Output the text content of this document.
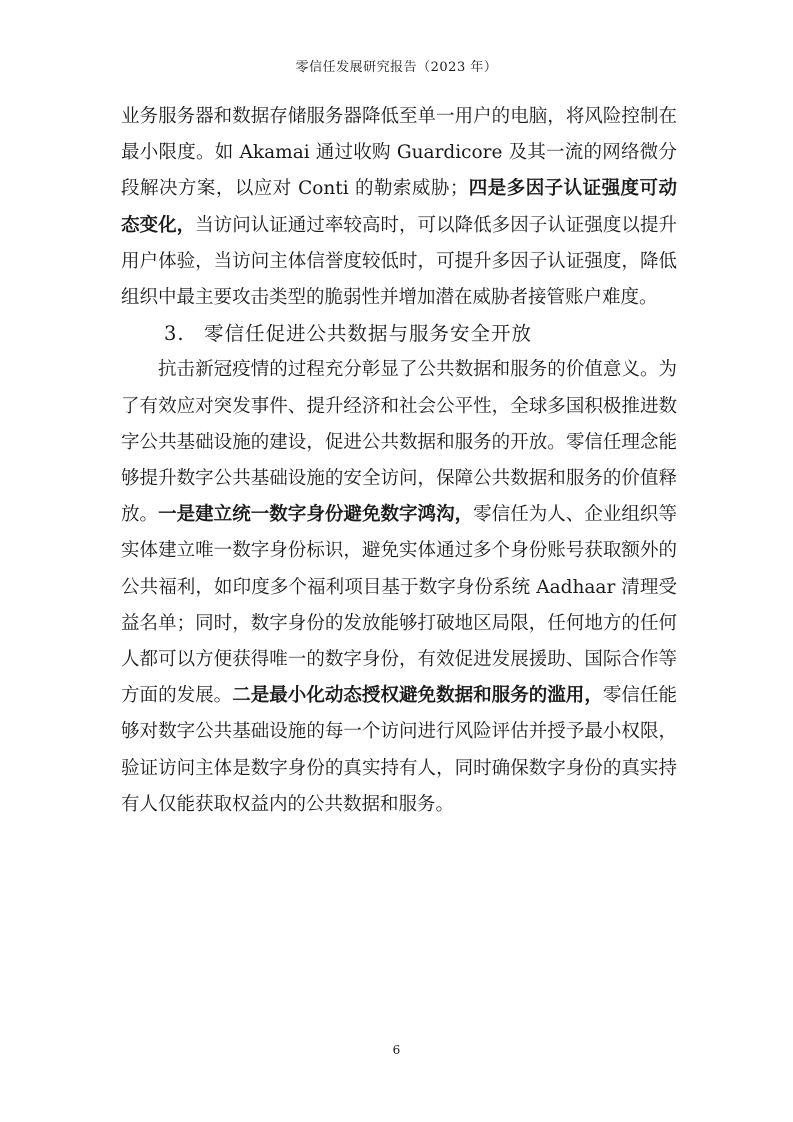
零信任发展研究报告（2023 年）

业务服务器和数据存储服务器降低至单一用户的电脑，将风险控制在最小限度。如 Akamai 通过收购 Guardicore 及其一流的网络微分段解决方案，以应对 Conti 的勒索威胁；四是多因子认证强度可动态变化，当访问认证通过率较高时，可以降低多因子认证强度以提升用户体验，当访问主体信誉度较低时，可提升多因子认证强度，降低组织中最主要攻击类型的脆弱性并增加潜在威胁者接管账户难度。

3. 零信任促进公共数据与服务安全开放

抗击新冠疫情的过程充分彰显了公共数据和服务的价值意义。为了有效应对突发事件、提升经济和社会公平性，全球多国积极推进数字公共基础设施的建设，促进公共数据和服务的开放。零信任理念能够提升数字公共基础设施的安全访问，保障公共数据和服务的价值释放。一是建立统一数字身份避免数字鸿沟，零信任为人、企业组织等实体建立唯一数字身份标识，避免实体通过多个身份账号获取额外的公共福利，如印度多个福利项目基于数字身份系统 Aadhaar 清理受益名单；同时，数字身份的发放能够打破地区局限，任何地方的任何人都可以方便获得唯一的数字身份，有效促进发展援助、国际合作等方面的发展。二是最小化动态授权避免数据和服务的滥用，零信任能够对数字公共基础设施的每一个访问进行风险评估并授予最小权限，验证访问主体是数字身份的真实持有人，同时确保数字身份的真实持有人仅能获取权益内的公共数据和服务。

6
